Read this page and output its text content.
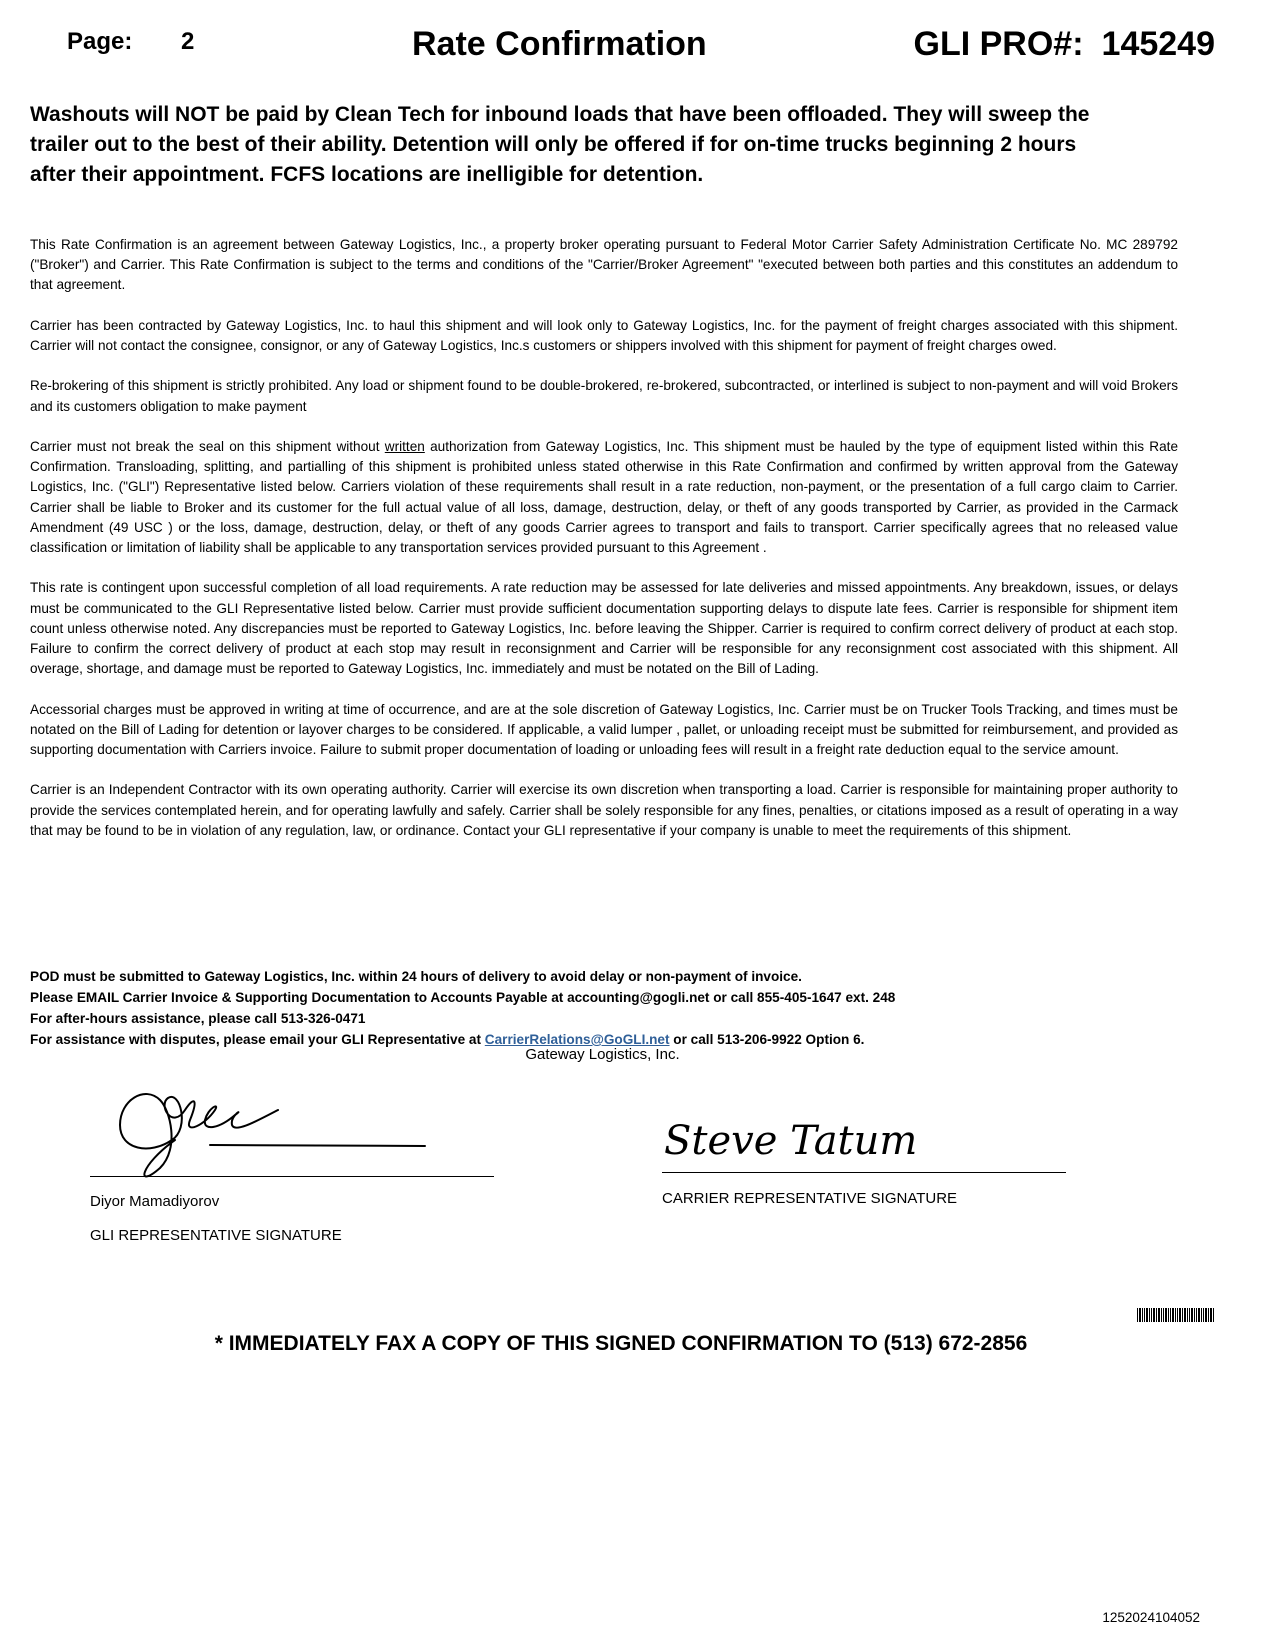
Page: 2	Rate Confirmation	GLI PRO#: 145249

Washouts will NOT be paid by Clean Tech for inbound loads that have been offloaded. They will sweep the trailer out to the best of their ability. Detention will only be offered if for on-time trucks beginning 2 hours after their appointment. FCFS locations are inelligible for detention.

This Rate Confirmation is an agreement between Gateway Logistics, Inc., a property broker operating pursuant to Federal Motor Carrier Safety Administration Certificate No. MC 289792 ("Broker") and Carrier. This Rate Confirmation is subject to the terms and conditions of the "Carrier/Broker Agreement" "executed between both parties and this constitutes an addendum to that agreement.

Carrier has been contracted by Gateway Logistics, Inc. to haul this shipment and will look only to Gateway Logistics, Inc. for the payment of freight charges associated with this shipment. Carrier will not contact the consignee, consignor, or any of Gateway Logistics, Inc.s customers or shippers involved with this shipment for payment of freight charges owed.

Re-brokering of this shipment is strictly prohibited. Any load or shipment found to be double-brokered, re-brokered, subcontracted, or interlined is subject to non-payment and will void Brokers and its customers obligation to make payment

Carrier must not break the seal on this shipment without written authorization from Gateway Logistics, Inc. This shipment must be hauled by the type of equipment listed within this Rate Confirmation. Transloading, splitting, and partialling of this shipment is prohibited unless stated otherwise in this Rate Confirmation and confirmed by written approval from the Gateway Logistics, Inc. ("GLI") Representative listed below. Carriers violation of these requirements shall result in a rate reduction, non-payment, or the presentation of a full cargo claim to Carrier. Carrier shall be liable to Broker and its customer for the full actual value of all loss, damage, destruction, delay, or theft of any goods transported by Carrier, as provided in the Carmack Amendment (49 USC ) or the loss, damage, destruction, delay, or theft of any goods Carrier agrees to transport and fails to transport. Carrier specifically agrees that no released value classification or limitation of liability shall be applicable to any transportation services provided pursuant to this Agreement .

This rate is contingent upon successful completion of all load requirements. A rate reduction may be assessed for late deliveries and missed appointments. Any breakdown, issues, or delays must be communicated to the GLI Representative listed below. Carrier must provide sufficient documentation supporting delays to dispute late fees. Carrier is responsible for shipment item count unless otherwise noted. Any discrepancies must be reported to Gateway Logistics, Inc. before leaving the Shipper. Carrier is required to confirm correct delivery of product at each stop. Failure to confirm the correct delivery of product at each stop may result in reconsignment and Carrier will be responsible for any reconsignment cost associated with this shipment. All overage, shortage, and damage must be reported to Gateway Logistics, Inc. immediately and must be notated on the Bill of Lading.

Accessorial charges must be approved in writing at time of occurrence, and are at the sole discretion of Gateway Logistics, Inc. Carrier must be on Trucker Tools Tracking, and times must be notated on the Bill of Lading for detention or layover charges to be considered. If applicable, a valid lumper , pallet, or unloading receipt must be submitted for reimbursement, and provided as supporting documentation with Carriers invoice. Failure to submit proper documentation of loading or unloading fees will result in a freight rate deduction equal to the service amount.

Carrier is an Independent Contractor with its own operating authority. Carrier will exercise its own discretion when transporting a load. Carrier is responsible for maintaining proper authority to provide the services contemplated herein, and for operating lawfully and safely. Carrier shall be solely responsible for any fines, penalties, or citations imposed as a result of operating in a way that may be found to be in violation of any regulation, law, or ordinance. Contact your GLI representative if your company is unable to meet the requirements of this shipment.

POD must be submitted to Gateway Logistics, Inc. within 24 hours of delivery to avoid delay or non-payment of invoice.
Please EMAIL Carrier Invoice & Supporting Documentation to Accounts Payable at accounting@gogli.net or call 855-405-1647 ext. 248
For after-hours assistance, please call 513-326-0471
For assistance with disputes, please email your GLI Representative at CarrierRelations@GoGLI.net or call 513-206-9922 Option 6.
Gateway Logistics, Inc.
Steve Tatum
Diyor Mamadiyorov
GLI REPRESENTATIVE SIGNATURE
CARRIER REPRESENTATIVE SIGNATURE
* IMMEDIATELY FAX A COPY OF THIS SIGNED CONFIRMATION TO (513) 672-2856
1252024104052
